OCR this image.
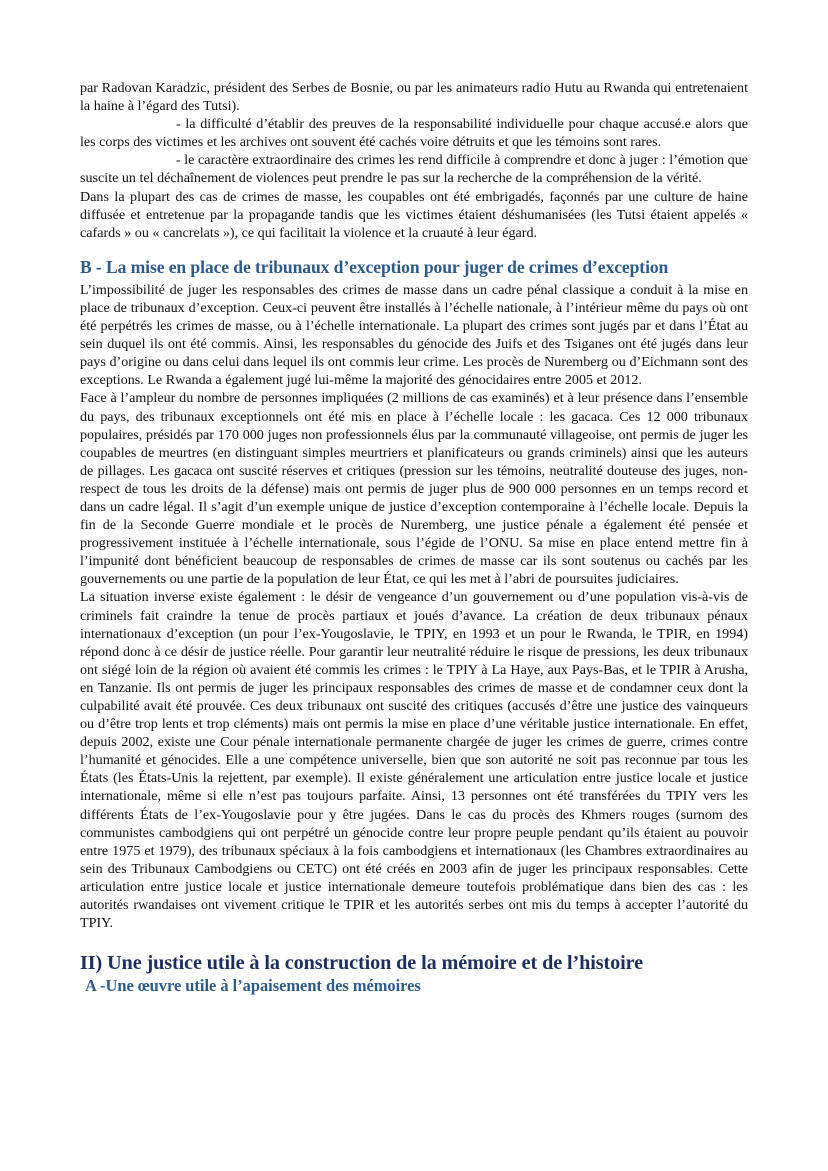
par Radovan Karadzic, président des Serbes de Bosnie, ou par les animateurs radio Hutu au Rwanda qui entretenaient la haine à l’égard des Tutsi).

- la difficulté d’établir des preuves de la responsabilité individuelle pour chaque accusé.e alors que les corps des victimes et les archives ont souvent été cachés voire détruits et que les témoins sont rares.

- le caractère extraordinaire des crimes les rend difficile à comprendre et donc à juger : l’émotion que suscite un tel déchaînement de violences peut prendre le pas sur la recherche de la compréhension de la vérité.

Dans la plupart des cas de crimes de masse, les coupables ont été embrigadés, façonnés par une culture de haine diffusée et entretenue par la propagande tandis que les victimes étaient déshumanisées (les Tutsi étaient appelés « cafards » ou « cancrelats »), ce qui facilitait la violence et la cruauté à leur égard.

B - La mise en place de tribunaux d’exception pour juger de crimes d’exception

L’impossibilité de juger les responsables des crimes de masse dans un cadre pénal classique a conduit à la mise en place de tribunaux d’exception. Ceux-ci peuvent être installés à l’échelle nationale, à l’intérieur même du pays où ont été perpétrés les crimes de masse, ou à l’échelle internationale. La plupart des crimes sont jugés par et dans l’État au sein duquel ils ont été commis. Ainsi, les responsables du génocide des Juifs et des Tsiganes ont été jugés dans leur pays d’origine ou dans celui dans lequel ils ont commis leur crime. Les procès de Nuremberg ou d’Eichmann sont des exceptions. Le Rwanda a également jugé lui-même la majorité des génocidaires entre 2005 et 2012.

Face à l’ampleur du nombre de personnes impliquées (2 millions de cas examinés) et à leur présence dans l’ensemble du pays, des tribunaux exceptionnels ont été mis en place à l’échelle locale : les gacaca. Ces 12 000 tribunaux populaires, présidés par 170 000 juges non professionnels élus par la communauté villageoise, ont permis de juger les coupables de meurtres (en distinguant simples meurtriers et planificateurs ou grands criminels) ainsi que les auteurs de pillages. Les gacaca ont suscité réserves et critiques (pression sur les témoins, neutralité douteuse des juges, non-respect de tous les droits de la défense) mais ont permis de juger plus de 900 000 personnes en un temps record et dans un cadre légal. Il s’agit d’un exemple unique de justice d’exception contemporaine à l’échelle locale. Depuis la fin de la Seconde Guerre mondiale et le procès de Nuremberg, une justice pénale a également été pensée et progressivement instituée à l’échelle internationale, sous l’égide de l’ONU. Sa mise en place entend mettre fin à l’impunité dont bénéficient beaucoup de responsables de crimes de masse car ils sont soutenus ou cachés par les gouvernements ou une partie de la population de leur État, ce qui les met à l’abri de poursuites judiciaires.

La situation inverse existe également : le désir de vengeance d’un gouvernement ou d’une population vis-à-vis de criminels fait craindre la tenue de procès partiaux et joués d’avance. La création de deux tribunaux pénaux internationaux d’exception (un pour l’ex-Yougoslavie, le TPIY, en 1993 et un pour le Rwanda, le TPIR, en 1994) répond donc à ce désir de justice réelle. Pour garantir leur neutralité réduire le risque de pressions, les deux tribunaux ont siégé loin de la région où avaient été commis les crimes : le TPIY à La Haye, aux Pays-Bas, et le TPIR à Arusha, en Tanzanie. Ils ont permis de juger les principaux responsables des crimes de masse et de condamner ceux dont la culpabilité avait été prouvée. Ces deux tribunaux ont suscité des critiques (accusés d’être une justice des vainqueurs ou d’être trop lents et trop cléments) mais ont permis la mise en place d’une véritable justice internationale. En effet, depuis 2002, existe une Cour pénale internationale permanente chargée de juger les crimes de guerre, crimes contre l’humanité et génocides. Elle a une compétence universelle, bien que son autorité ne soit pas reconnue par tous les États (les États-Unis la rejettent, par exemple). Il existe généralement une articulation entre justice locale et justice internationale, même si elle n’est pas toujours parfaite. Ainsi, 13 personnes ont été transférées du TPIY vers les différents États de l’ex-Yougoslavie pour y être jugées. Dans le cas du procès des Khmers rouges (surnom des communistes cambodgiens qui ont perpétré un génocide contre leur propre peuple pendant qu’ils étaient au pouvoir entre 1975 et 1979), des tribunaux spéciaux à la fois cambodgiens et internationaux (les Chambres extraordinaires au sein des Tribunaux Cambodgiens ou CETC) ont été créés en 2003 afin de juger les principaux responsables. Cette articulation entre justice locale et justice internationale demeure toutefois problématique dans bien des cas : les autorités rwandaises ont vivement critique le TPIR et les autorités serbes ont mis du temps à accepter l’autorité du TPIY.

II) Une justice utile à la construction de la mémoire et de l’histoire
A -Une œuvre utile à l’apaisement des mémoires
